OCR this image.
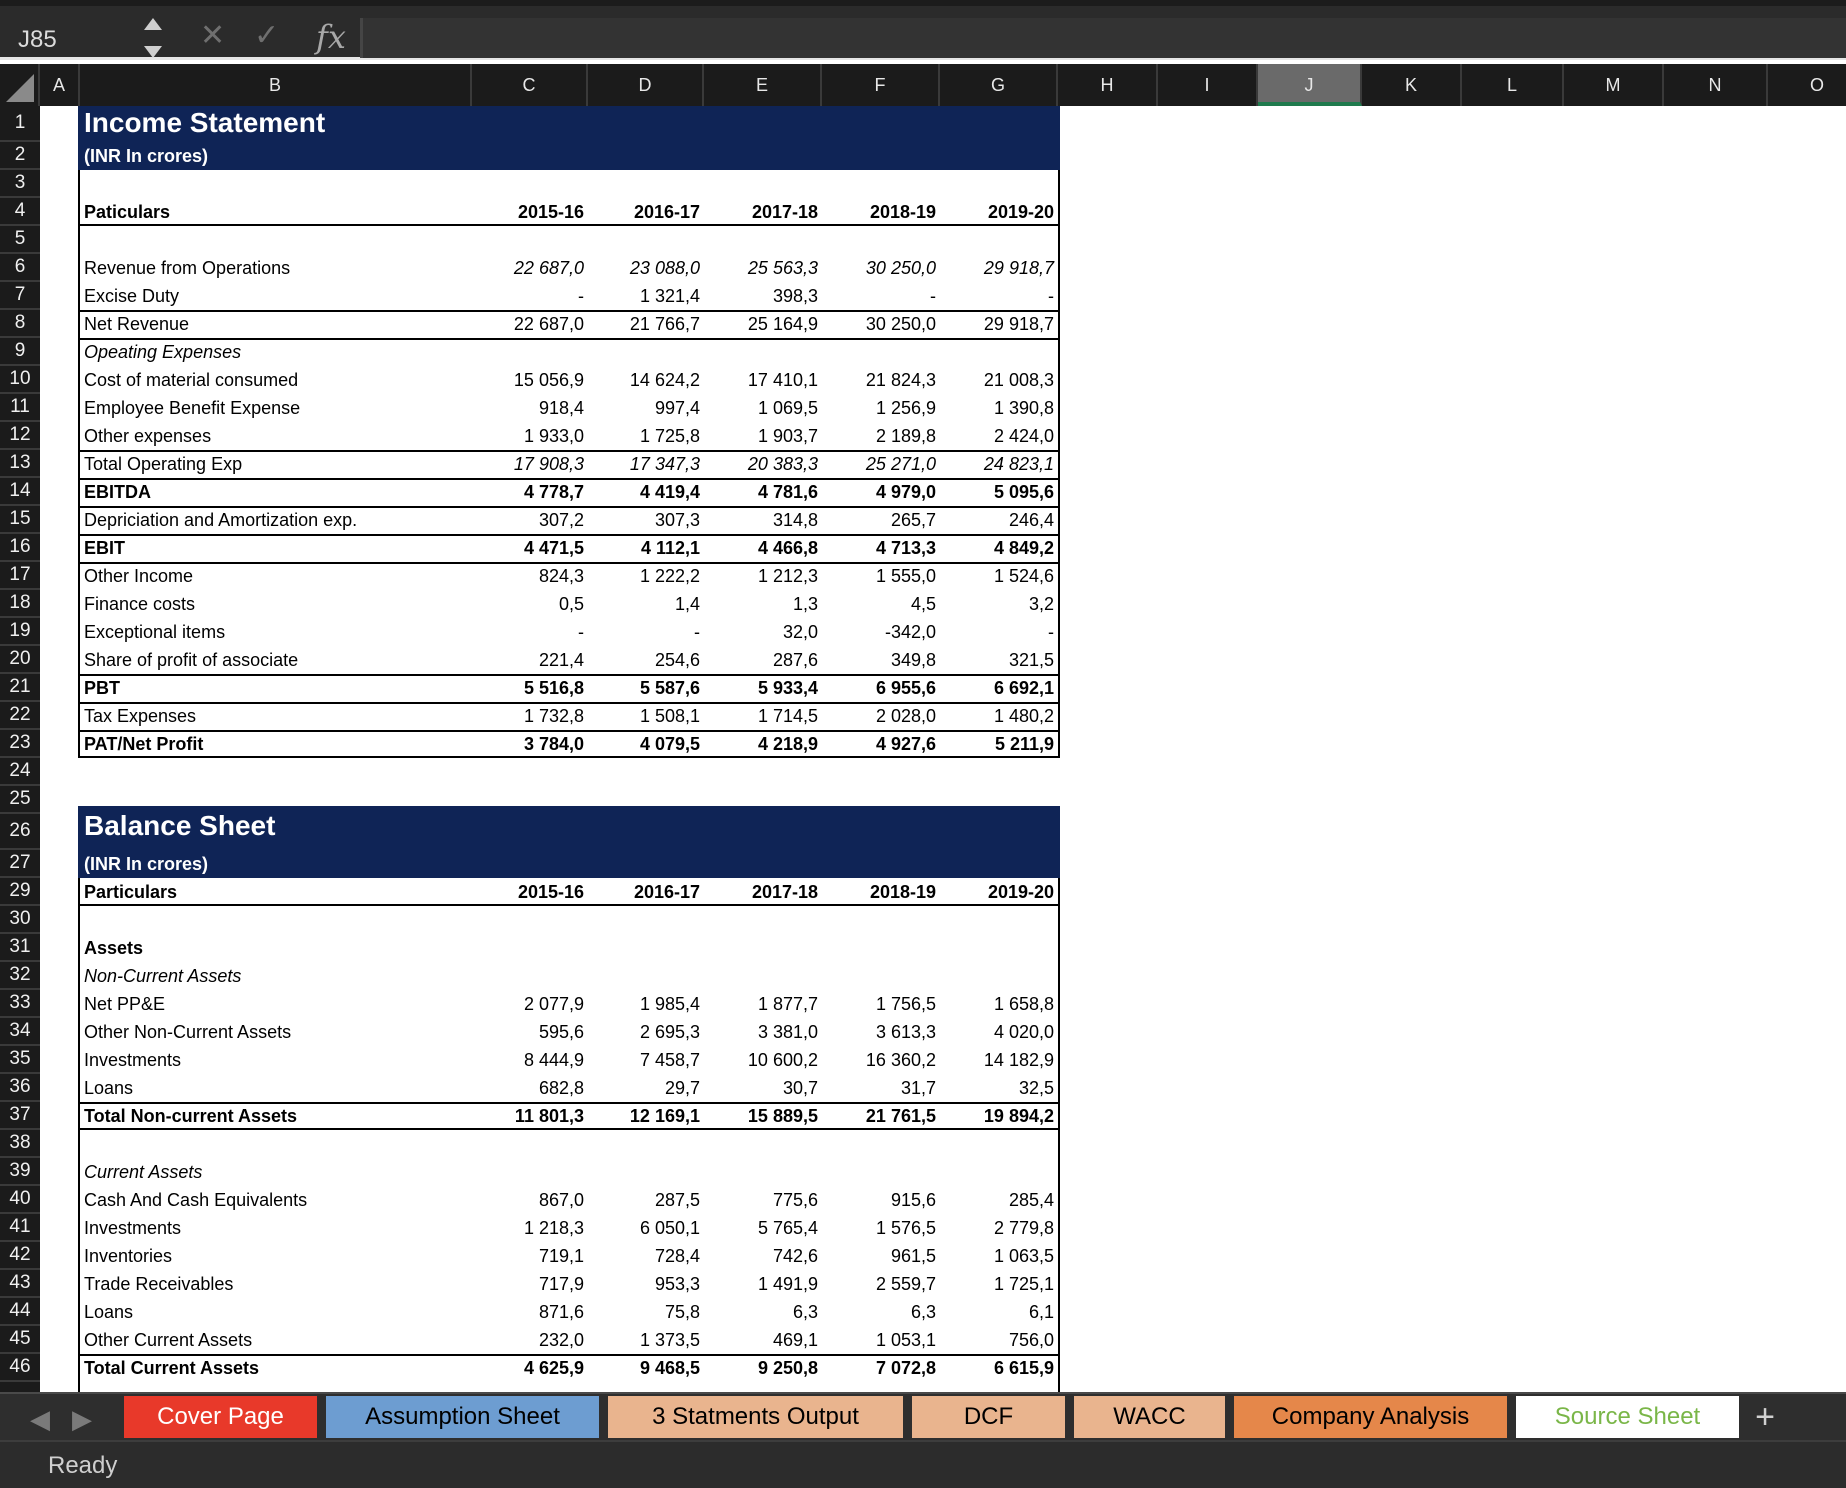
J85	✕ ✓ fx
A	B	C	D	E	F	G	H	I	J	K	L	M	N	O
1
2
3
4
5
6
7
8
9
10
11
12
13
14
15
16
17
18
19
20
21
22
23
24
25
26
27
29
30
31
32
33
34
35
36
37
38
39
40
41
42
43
44
45
46
Income Statement
(INR In crores)
Paticulars	2015-16	2016-17	2017-18	2018-19	2019-20
Revenue from Operations	22 687,0	23 088,0	25 563,3	30 250,0	29 918,7
Excise Duty	-	1 321,4	398,3	-	-
Net Revenue	22 687,0	21 766,7	25 164,9	30 250,0	29 918,7
Opeating Expenses
Cost of material consumed	15 056,9	14 624,2	17 410,1	21 824,3	21 008,3
Employee Benefit Expense	918,4	997,4	1 069,5	1 256,9	1 390,8
Other expenses	1 933,0	1 725,8	1 903,7	2 189,8	2 424,0
Total Operating Exp	17 908,3	17 347,3	20 383,3	25 271,0	24 823,1
EBITDA	4 778,7	4 419,4	4 781,6	4 979,0	5 095,6
Depriciation and Amortization exp.	307,2	307,3	314,8	265,7	246,4
EBIT	4 471,5	4 112,1	4 466,8	4 713,3	4 849,2
Other Income	824,3	1 222,2	1 212,3	1 555,0	1 524,6
Finance costs	0,5	1,4	1,3	4,5	3,2
Exceptional items	-	-	32,0	-342,0	-
Share of profit of associate	221,4	254,6	287,6	349,8	321,5
PBT	5 516,8	5 587,6	5 933,4	6 955,6	6 692,1
Tax Expenses	1 732,8	1 508,1	1 714,5	2 028,0	1 480,2
PAT/Net Profit	3 784,0	4 079,5	4 218,9	4 927,6	5 211,9
Balance Sheet
(INR In crores)
Particulars	2015-16	2016-17	2017-18	2018-19	2019-20
Assets
Non-Current Assets
Net PP&E	2 077,9	1 985,4	1 877,7	1 756,5	1 658,8
Other Non-Current Assets	595,6	2 695,3	3 381,0	3 613,3	4 020,0
Investments	8 444,9	7 458,7	10 600,2	16 360,2	14 182,9
Loans	682,8	29,7	30,7	31,7	32,5
Total Non-current Assets	11 801,3	12 169,1	15 889,5	21 761,5	19 894,2
Current Assets
Cash And Cash Equivalents	867,0	287,5	775,6	915,6	285,4
Investments	1 218,3	6 050,1	5 765,4	1 576,5	2 779,8
Inventories	719,1	728,4	742,6	961,5	1 063,5
Trade Receivables	717,9	953,3	1 491,9	2 559,7	1 725,1
Loans	871,6	75,8	6,3	6,3	6,1
Other Current Assets	232,0	1 373,5	469,1	1 053,1	756,0
Total Current Assets	4 625,9	9 468,5	9 250,8	7 072,8	6 615,9
◀ ▶	Cover Page	Assumption Sheet	3 Statments Output	DCF	WACC	Company Analysis	Source Sheet	+
Ready
